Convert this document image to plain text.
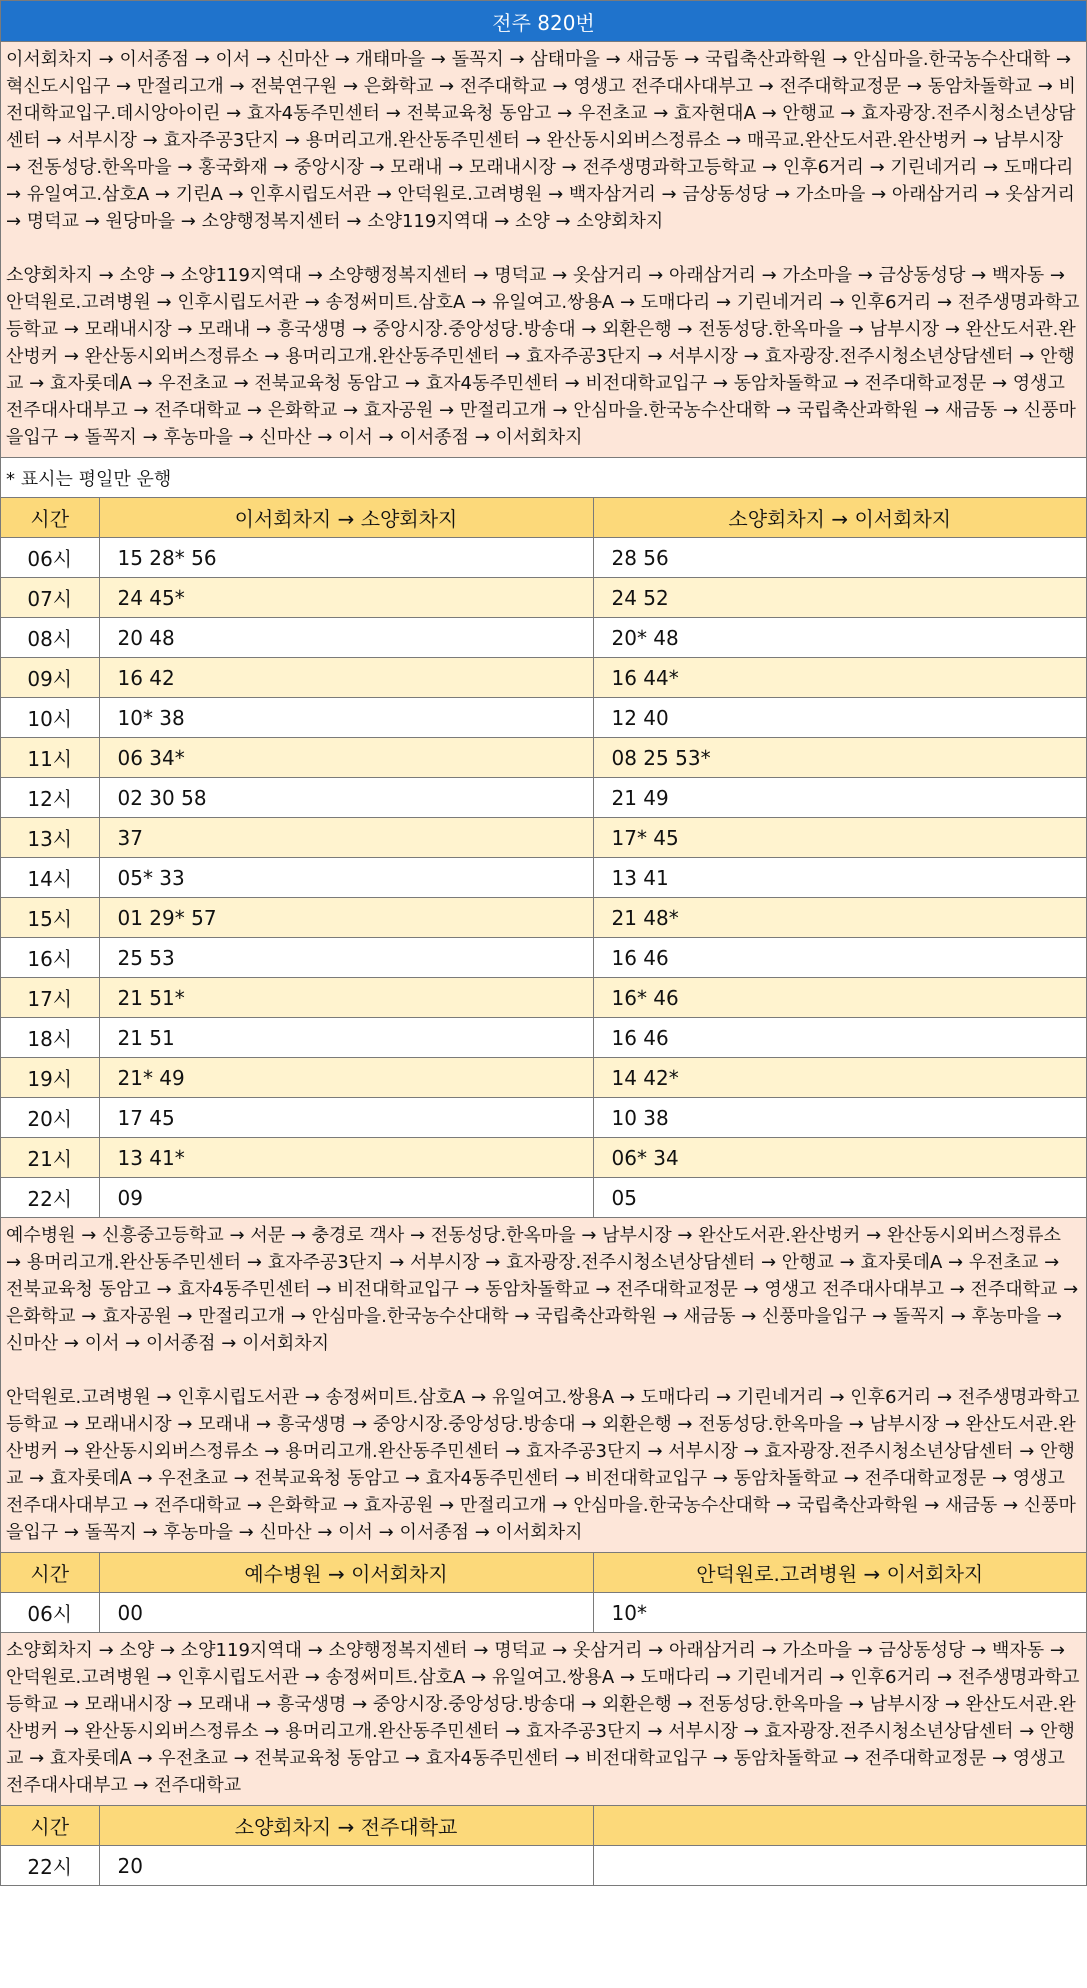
전주 820번

이서회차지 → 이서종점 → 이서 → 신마산 → 개태마을 → 돌꼭지 → 삼태마을 → 새금동 → 국립축산과학원 → 안심마을.한국농수산대학 → 혁신도시입구 → 만절리고개 → 전북연구원 → 은화학교 → 전주대학교 → 영생고 전주대사대부고 → 전주대학교정문 → 동암차돌학교 → 비전대학교입구.데시앙아이린 → 효자4동주민센터 → 전북교육청 동암고 → 우전초교 → 효자현대A → 안행교 → 효자광장.전주시청소년상담센터 → 서부시장 → 효자주공3단지 → 용머리고개.완산동주민센터 → 완산동시외버스정류소 → 매곡교.완산도서관.완산벙커 → 남부시장 → 전동성당.한옥마을 → 홍국화재 → 중앙시장 → 모래내 → 모래내시장 → 전주생명과학고등학교 → 인후6거리 → 기린네거리 → 도매다리 → 유일여고.삼호A → 기린A → 인후시립도서관 → 안덕원로.고려병원 → 백자삼거리 → 금상동성당 → 가소마을 → 아래삼거리 → 옷삼거리 → 명덕교 → 원당마을 → 소양행정복지센터 → 소양119지역대 → 소양 → 소양회차지

소양회차지 → 소양 → 소양119지역대 → 소양행정복지센터 → 명덕교 → 옷삼거리 → 아래삼거리 → 가소마을 → 금상동성당 → 백자동 → 안덕원로.고려병원 → 인후시립도서관 → 송정써미트.삼호A → 유일여고.쌍용A → 도매다리 → 기린네거리 → 인후6거리 → 전주생명과학고등학교 → 모래내시장 → 모래내 → 흥국생명 → 중앙시장.중앙성당.방송대 → 외환은행 → 전동성당.한옥마을 → 남부시장 → 완산도서관.완산벙커 → 완산동시외버스정류소 → 용머리고개.완산동주민센터 → 효자주공3단지 → 서부시장 → 효자광장.전주시청소년상담센터 → 안행교 → 효자롯데A → 우전초교 → 전북교육청 동암고 → 효자4동주민센터 → 비전대학교입구 → 동암차돌학교 → 전주대학교정문 → 영생고 전주대사대부고 → 전주대학교 → 은화학교 → 효자공원 → 만절리고개 → 안심마을.한국농수산대학 → 국립축산과학원 → 새금동 → 신풍마을입구 → 돌꼭지 → 후농마을 → 신마산 → 이서 → 이서종점 → 이서회차지

* 표시는 평일만 운행
시간	이서회차지 → 소양회차지	소양회차지 → 이서회차지
06시	15 28* 56	28 56
07시	24 45*	24 52
08시	20 48	20* 48
09시	16 42	16 44*
10시	10* 38	12 40
11시	06 34*	08 25 53*
12시	02 30 58	21 49
13시	37	17* 45
14시	05* 33	13 41
15시	01 29* 57	21 48*
16시	25 53	16 46
17시	21 51*	16* 46
18시	21 51	16 46
19시	21* 49	14 42*
20시	17 45	10 38
21시	13 41*	06* 34
22시	09	05

예수병원 → 신흥중고등학교 → 서문 → 충경로 객사 → 전동성당.한옥마을 → 남부시장 → 완산도서관.완산벙커 → 완산동시외버스정류소 → 용머리고개.완산동주민센터 → 효자주공3단지 → 서부시장 → 효자광장.전주시청소년상담센터 → 안행교 → 효자롯데A → 우전초교 → 전북교육청 동암고 → 효자4동주민센터 → 비전대학교입구 → 동암차돌학교 → 전주대학교정문 → 영생고 전주대사대부고 → 전주대학교 → 은화학교 → 효자공원 → 만절리고개 → 안심마을.한국농수산대학 → 국립축산과학원 → 새금동 → 신풍마을입구 → 돌꼭지 → 후농마을 → 신마산 → 이서 → 이서종점 → 이서회차지

안덕원로.고려병원 → 인후시립도서관 → 송정써미트.삼호A → 유일여고.쌍용A → 도매다리 → 기린네거리 → 인후6거리 → 전주생명과학고등학교 → 모래내시장 → 모래내 → 흥국생명 → 중앙시장.중앙성당.방송대 → 외환은행 → 전동성당.한옥마을 → 남부시장 → 완산도서관.완산벙커 → 완산동시외버스정류소 → 용머리고개.완산동주민센터 → 효자주공3단지 → 서부시장 → 효자광장.전주시청소년상담센터 → 안행교 → 효자롯데A → 우전초교 → 전북교육청 동암고 → 효자4동주민센터 → 비전대학교입구 → 동암차돌학교 → 전주대학교정문 → 영생고 전주대사대부고 → 전주대학교 → 은화학교 → 효자공원 → 만절리고개 → 안심마을.한국농수산대학 → 국립축산과학원 → 새금동 → 신풍마을입구 → 돌꼭지 → 후농마을 → 신마산 → 이서 → 이서종점 → 이서회차지

시간	예수병원 → 이서회차지	안덕원로.고려병원 → 이서회차지
06시	00	10*

소양회차지 → 소양 → 소양119지역대 → 소양행정복지센터 → 명덕교 → 옷삼거리 → 아래삼거리 → 가소마을 → 금상동성당 → 백자동 → 안덕원로.고려병원 → 인후시립도서관 → 송정써미트.삼호A → 유일여고.쌍용A → 도매다리 → 기린네거리 → 인후6거리 → 전주생명과학고등학교 → 모래내시장 → 모래내 → 흥국생명 → 중앙시장.중앙성당.방송대 → 외환은행 → 전동성당.한옥마을 → 남부시장 → 완산도서관.완산벙커 → 완산동시외버스정류소 → 용머리고개.완산동주민센터 → 효자주공3단지 → 서부시장 → 효자광장.전주시청소년상담센터 → 안행교 → 효자롯데A → 우전초교 → 전북교육청 동암고 → 효자4동주민센터 → 비전대학교입구 → 동암차돌학교 → 전주대학교정문 → 영생고 전주대사대부고 → 전주대학교

시간	소양회차지 → 전주대학교	
22시	20	
